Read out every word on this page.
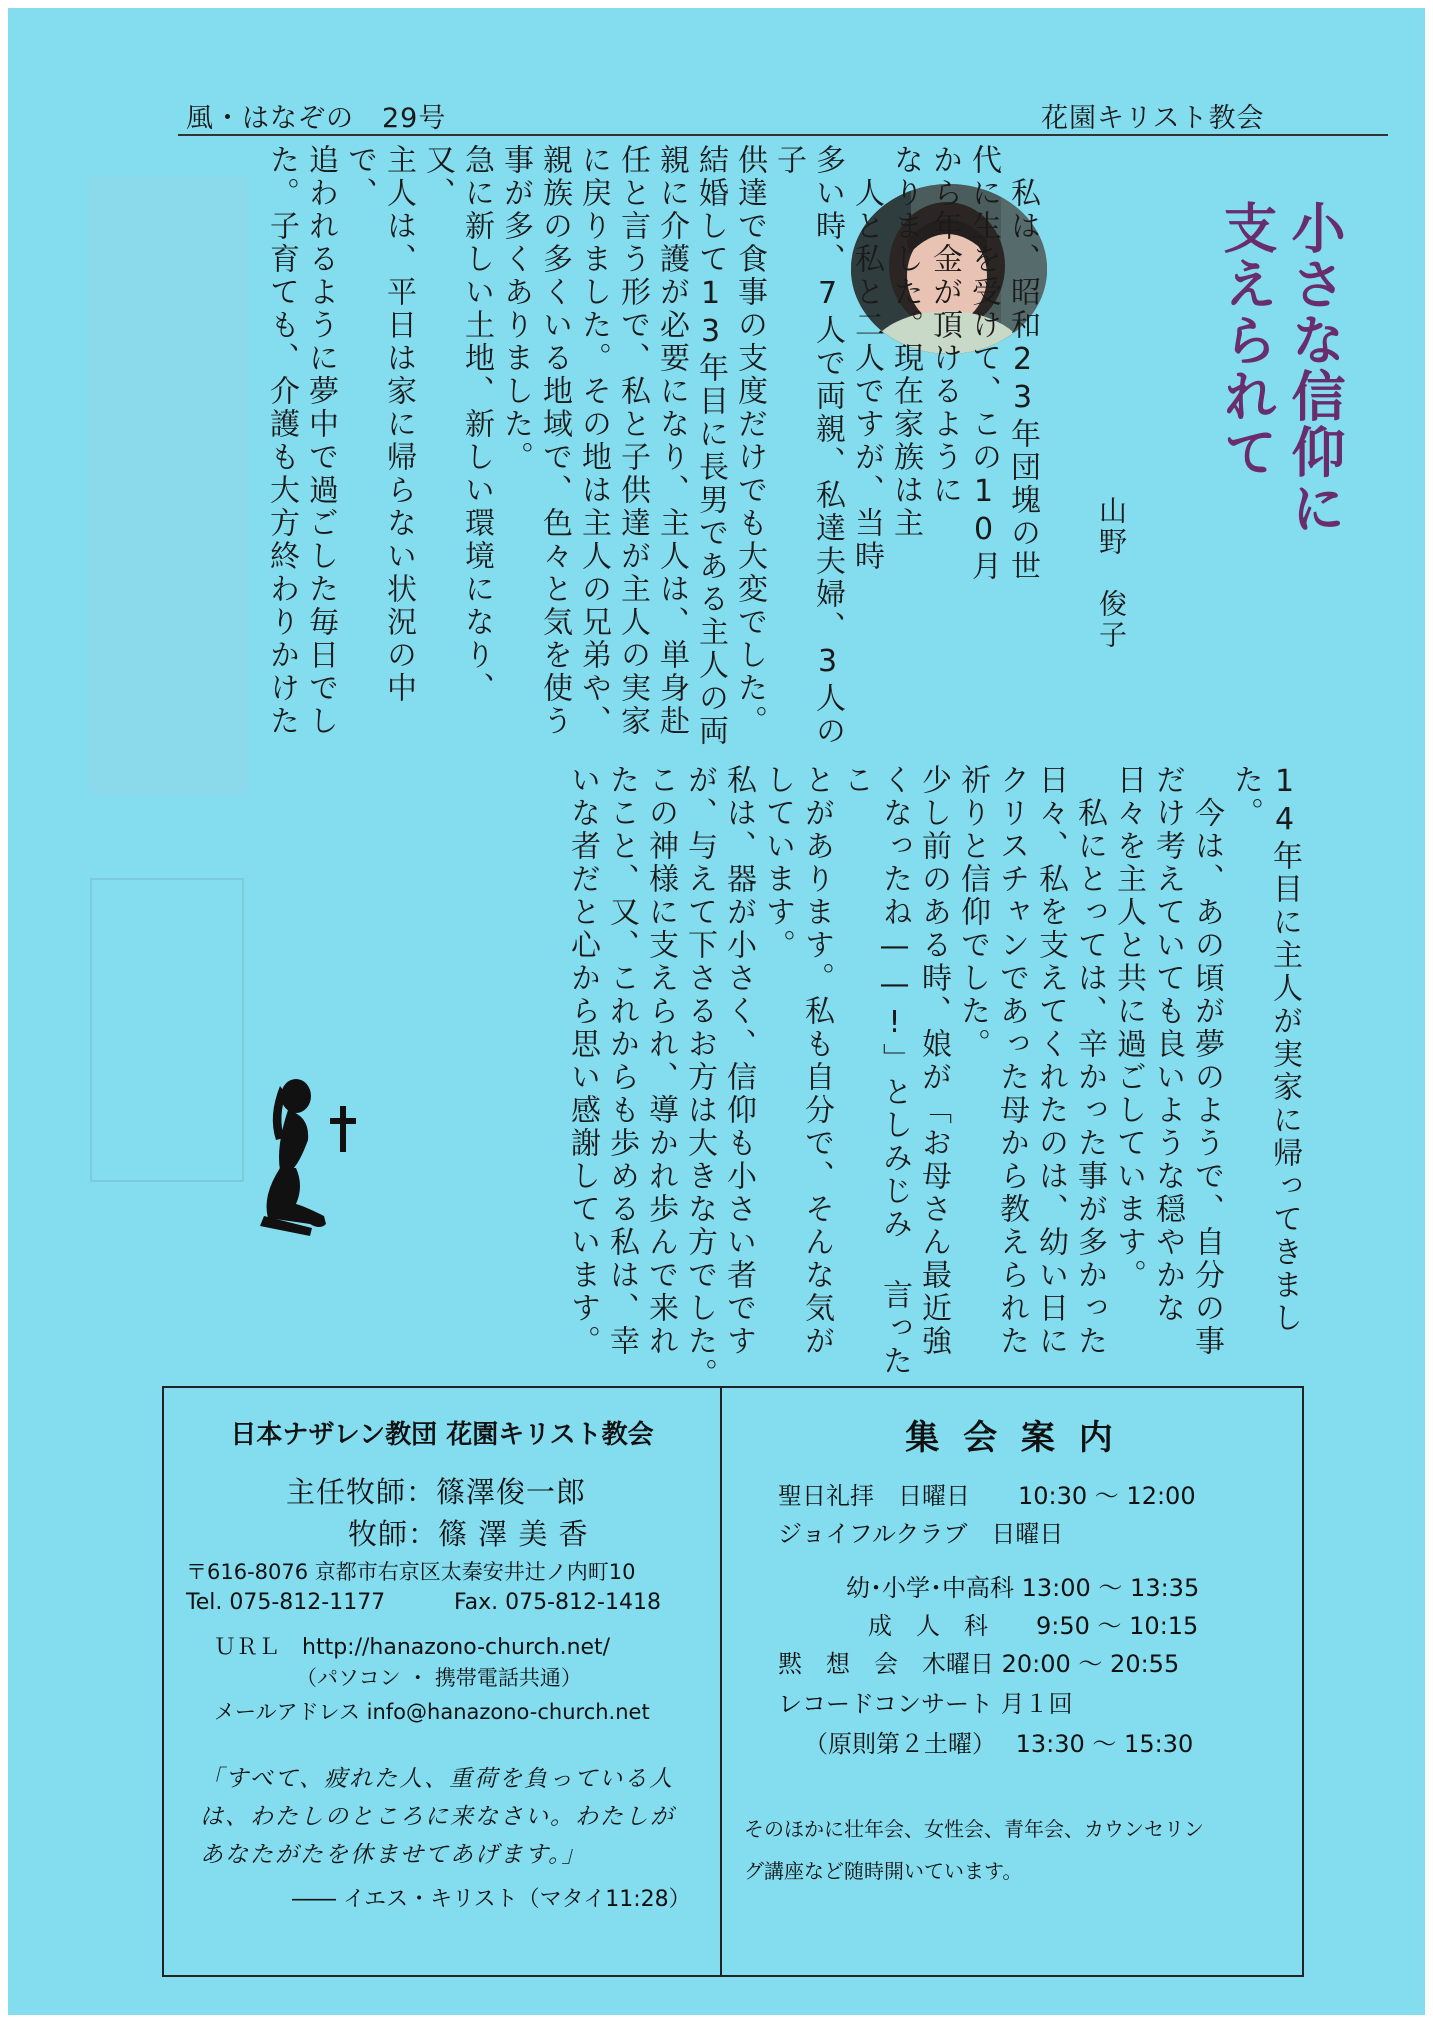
風・はなぞの　29号	花園キリスト教会
小さな信仰に
支えられて
山野　俊子
　私は、昭和23年団塊の世
代に生を受けて、この10月
から年金が頂けるように
なりました。現在家族は主
　人と私と二人ですが、当時
多い時、7人で両親、私達夫婦、3人の子
供達で食事の支度だけでも大変でした。
結婚して13年目に長男である主人の両
親に介護が必要になり、主人は、単身赴
任と言う形で、私と子供達が主人の実家
に戻りました。その地は主人の兄弟や、
親族の多くいる地域で、色々と気を使う
事が多くありました。
急に新しい土地、新しい環境になり、又、
主人は、平日は家に帰らない状況の中で、
追われるように夢中で過ごした毎日でし
た。子育ても、介護も大方終わりかけた
14年目に主人が実家に帰ってきました。
　今は、あの頃が夢のようで、自分の事
だけ考えていても良いような穏やかな
日々を主人と共に過ごしています。
　私にとっては、辛かった事が多かった
日々、私を支えてくれたのは、幼い日に
クリスチャンであった母から教えられた
祈りと信仰でした。
少し前のある時、娘が「お母さん最近強
くなったね——!」としみじみ 言ったこ
とがあります。私も自分で、そんな気が
しています。
私は、器が小さく、信仰も小さい者です
が、与えて下さるお方は大きな方でした。
この神様に支えられ、導かれ歩んで来れ
たこと、又、これからも歩める私は、幸
いな者だと心から思い感謝しています。
日本ナザレン教団 花園キリスト教会
主任牧師：篠澤俊一郎
牧師：篠 澤 美 香
〒616-8076 京都市右京区太秦安井辻ノ内町10
Tel. 075-812-1177	Fax. 075-812-1418
ＵＲＬ　http://hanazono-church.net/
（パソコン ・ 携帯電話共通）
メールアドレス info@hanazono-church.net
「すべて、疲れた人、重荷を負っている人
は、わたしのところに来なさい。わたしが
あなたがたを休ませてあげます。」
―― イエス・キリスト（マタイ11:28）
集 会 案 内
聖日礼拝　日曜日　　10:30 ～ 12:00
ジョイフルクラブ　日曜日
幼･小学･中高科 13:00 ～ 13:35
成　人　科　　9:50 ～ 10:15
黙　想　会　木曜日 20:00 ～ 20:55
レコードコンサート 月１回
（原則第２土曜）　 13:30 ～ 15:30
そのほかに壮年会、女性会、青年会、カウンセリン
グ講座など随時開いています。
